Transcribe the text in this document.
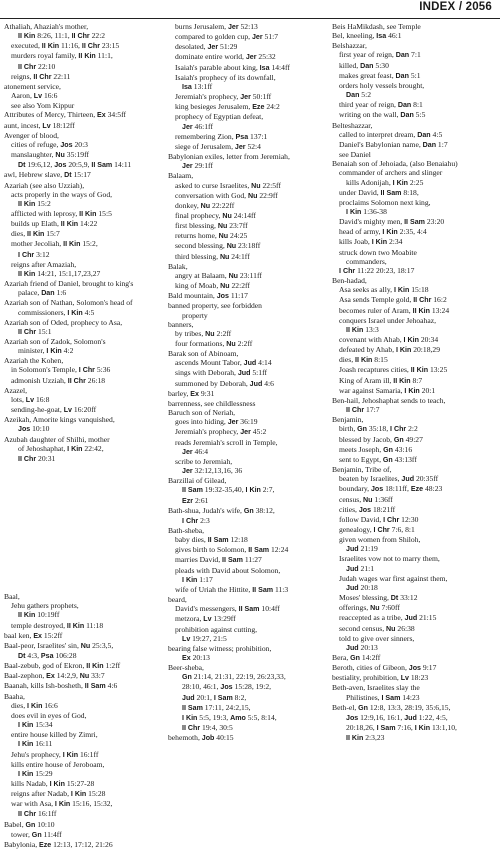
INDEX / 2056
Athaliah, Ahaziah's mother,
II Kin 8:26, 11:1, II Chr 22:2
executed, II Kin 11:16, II Chr 23:15
murders royal family, II Kin 11:1,
II Chr 22:10
reigns, II Chr 22:11
atonement service,
Aaron, Lv 16:6
see also Yom Kippur
Attributes of Mercy, Thirteen, Ex 34:5ff
aunt, incest, Lv 18:12ff
Avenger of blood,
cities of refuge, Jos 20:3
manslaughter, Nu 35:19ff
Dt 19:6,12, Jos 20:5,9, II Sam 14:11
awl, Hebrew slave, Dt 15:17
Azariah (see also Uzziah),
acts properly in the ways of God,
II Kin 15:2
afflicted with leprosy, II Kin 15:5
builds up Elath, II Kin 14:22
dies, II Kin 15:7
mother Jecoliah, II Kin 15:2,
I Chr 3:12
reigns after Amaziah,
II Kin 14:21, 15:1,17,23,27
Azariah friend of Daniel, brought to king's
palace, Dan 1:6
Azariah son of Nathan, Solomon's head of
commissioners, I Kin 4:5
Azariah son of Oded, prophecy to Asa,
II Chr 15:1
Azariah son of Zadok, Solomon's
minister, I Kin 4:2
Azariah the Kohen,
in Solomon's Temple, I Chr 5:36
admonish Uzziah, II Chr 26:18
Azazel,
lots, Lv 16:8
sending-he-goat, Lv 16:20ff
Azeikah, Amorite kings vanquished,
Jos 10:10
Azubah daughter of Shilhi, mother
of Jehoshaphat, I Kin 22:42,
II Chr 20:31
Baal,
Jehu gathers prophets,
II Kin 10:19ff
temple destroyed, II Kin 11:18
baal ken, Ex 15:2ff
Baal-peor, Israelites' sin, Nu 25:3,5,
Dt 4:3, Psa 106:28
Baal-zebub, god of Ekron, II Kin 1:2ff
Baal-zephon, Ex 14:2,9, Nu 33:7
Baanah, kills Ish-bosheth, II Sam 4:6
Baaha,
dies, I Kin 16:6
does evil in eyes of God,
I Kin 15:34
entire house killed by Zimri,
I Kin 16:11
Jehu's prophecy, I Kin 16:1ff
kills entire house of Jeroboam,
I Kin 15:29
kills Nadab, I Kin 15:27-28
reigns after Nadab, I Kin 15:28
war with Asa, I Kin 15:16, 15:32,
II Chr 16:1ff
Babel, Gn 10:10
tower, Gn 11:4ff
Babylonia, Eze 12:13, 17:12, 21:26
burns Jerusalem, Jer 52:13
compared to golden cup, Jer 51:7
desolated, Jer 51:29
dominate entire world, Jer 25:32
Isaiah's parable about king, Isa 14:4ff
Isaiah's prophecy of its downfall,
Isa 13:1ff
Jeremiah's prophecy, Jer 50:1ff
king besieges Jerusalem, Eze 24:2
prophecy of Egyptian defeat,
Jer 46:1ff
remembering Zion, Psa 137:1
siege of Jerusalem, Jer 52:4
Babylonian exiles, letter from Jeremiah,
Jer 29:1ff
Balaam,
asked to curse Israelites, Nu 22:5ff
conversation with God, Nu 22:9ff
donkey, Nu 22:22ff
final prophecy, Nu 24:14ff
first blessing, Nu 23:7ff
returns home, Nu 24:25
second blessing, Nu 23:18ff
third blessing, Nu 24:1ff
Balak,
angry at Balaam, Nu 23:11ff
king of Moab, Nu 22:2ff
Bald mountain, Jos 11:17
banned property, see forbidden
property
banners,
by tribes, Nu 2:2ff
four formations, Nu 2:2ff
Barak son of Abinoam,
ascends Mount Tabor, Jud 4:14
sings with Deborah, Jud 5:1ff
summoned by Deborah, Jud 4:6
barley, Ex 9:31
barrenness, see childlessness
Baruch son of Neriah,
goes into hiding, Jer 36:19
Jeremiah's prophecy, Jer 45:2
reads Jeremiah's scroll in Temple,
Jer 46:4
scribe to Jeremiah,
Jer 32:12,13,16, 36
Barzillai of Gilead,
II Sam 19:32-35,40, I Kin 2:7,
Ezr 2:61
Bath-shua, Judah's wife, Gn 38:12,
I Chr 2:3
Bath-sheba,
baby dies, II Sam 12:18
gives birth to Solomon, II Sam 12:24
marries David, II Sam 11:27
pleads with David about Solomon,
I Kin 1:17
wife of Uriah the Hittite, II Sam 11:3
beard,
David's messengers, II Sam 10:4ff
metzora, Lv 13:29ff
prohibition against cutting,
Lv 19:27, 21:5
bearing false witness; prohibition,
Ex 20:13
Beer-sheba,
Gn 21:14, 21:31, 22:19, 26:23,33,
28:10, 46:1, Jos 15:28, 19:2,
Jud 20:1, I Sam 8:2,
II Sam 17:11, 24:2,15,
I Kin 5:5, 19:3, Amo 5:5, 8:14,
II Chr 19:4, 30:5
behemoth, Job 40:15
Beis HaMikdash, see Temple
Bel, kneeling, Isa 46:1
Belshazzar,
first year of reign, Dan 7:1
killed, Dan 5:30
makes great feast, Dan 5:1
orders holy vessels brought,
Dan 5:2
third year of reign, Dan 8:1
writing on the wall, Dan 5:5
Belteshazzar,
called to interpret dream, Dan 4:5
Daniel's Babylonian name, Dan 1:7
see Daniel
Benaiah son of Jehoiada, (also Benaiahu)
commander of archers and slinger
kills Adonijah, I Kin 2:25
under David, II Sam 8:18,
proclaims Solomon next king,
I Kin 1:36-38
David's mighty men, II Sam 23:20
head of army, I Kin 2:35, 4:4
kills Joab, I Kin 2:34
struck down two Moabite
commanders,
I Chr 11:22 20:23, 18:17
Ben-hadad,
Asa seeks as ally, I Kin 15:18
Asa sends Temple gold, II Chr 16:2
becomes ruler of Aram, II Kin 13:24
conquers Israel under Jehoahaz,
II Kin 13:3
covenant with Ahab, I Kin 20:34
defeated by Ahab, I Kin 20:18,29
dies, II Kin 8:15
Joash recaptures cities, II Kin 13:25
King of Aram ill, II Kin 8:7
war against Samaria, I Kin 20:1
Ben-hail, Jehoshaphat sends to teach,
II Chr 17:7
Benjamin,
birth, Gn 35:18, I Chr 2:2
blessed by Jacob, Gn 49:27
meets Joseph, Gn 43:16
sent to Egypt, Gn 43:13ff
Benjamin, Tribe of,
beaten by Israelites, Jud 20:35ff
boundary, Jos 18:11ff, Eze 48:23
census, Nu 1:36ff
cities, Jos 18:21ff
follow David, I Chr 12:30
genealogy, I Chr 7:6, 8:1
given women from Shiloh,
Jud 21:19
Israelites vow not to marry them,
Jud 21:1
Judah wages war first against them,
Jud 20:18
Moses' blessing, Dt 33:12
offerings, Nu 7:60ff
reaccepted as a tribe, Jud 21:15
second census, Nu 26:38
told to give over sinners,
Jud 20:13
Bera, Gn 14:2ff
Beroth, cities of Gibeon, Jos 9:17
bestiality, prohibition, Lv 18:23
Beth-aven, Israelites slay the
Philistines, I Sam 14:23
Beth-el, Gn 12:8, 13:3, 28:19, 35:6,15,
Jos 12:9,16, 16:1, Jud 1:22, 4:5,
20:18,26, I Sam 7:16, I Kin 13:1,10,
II Kin 2:3,23
